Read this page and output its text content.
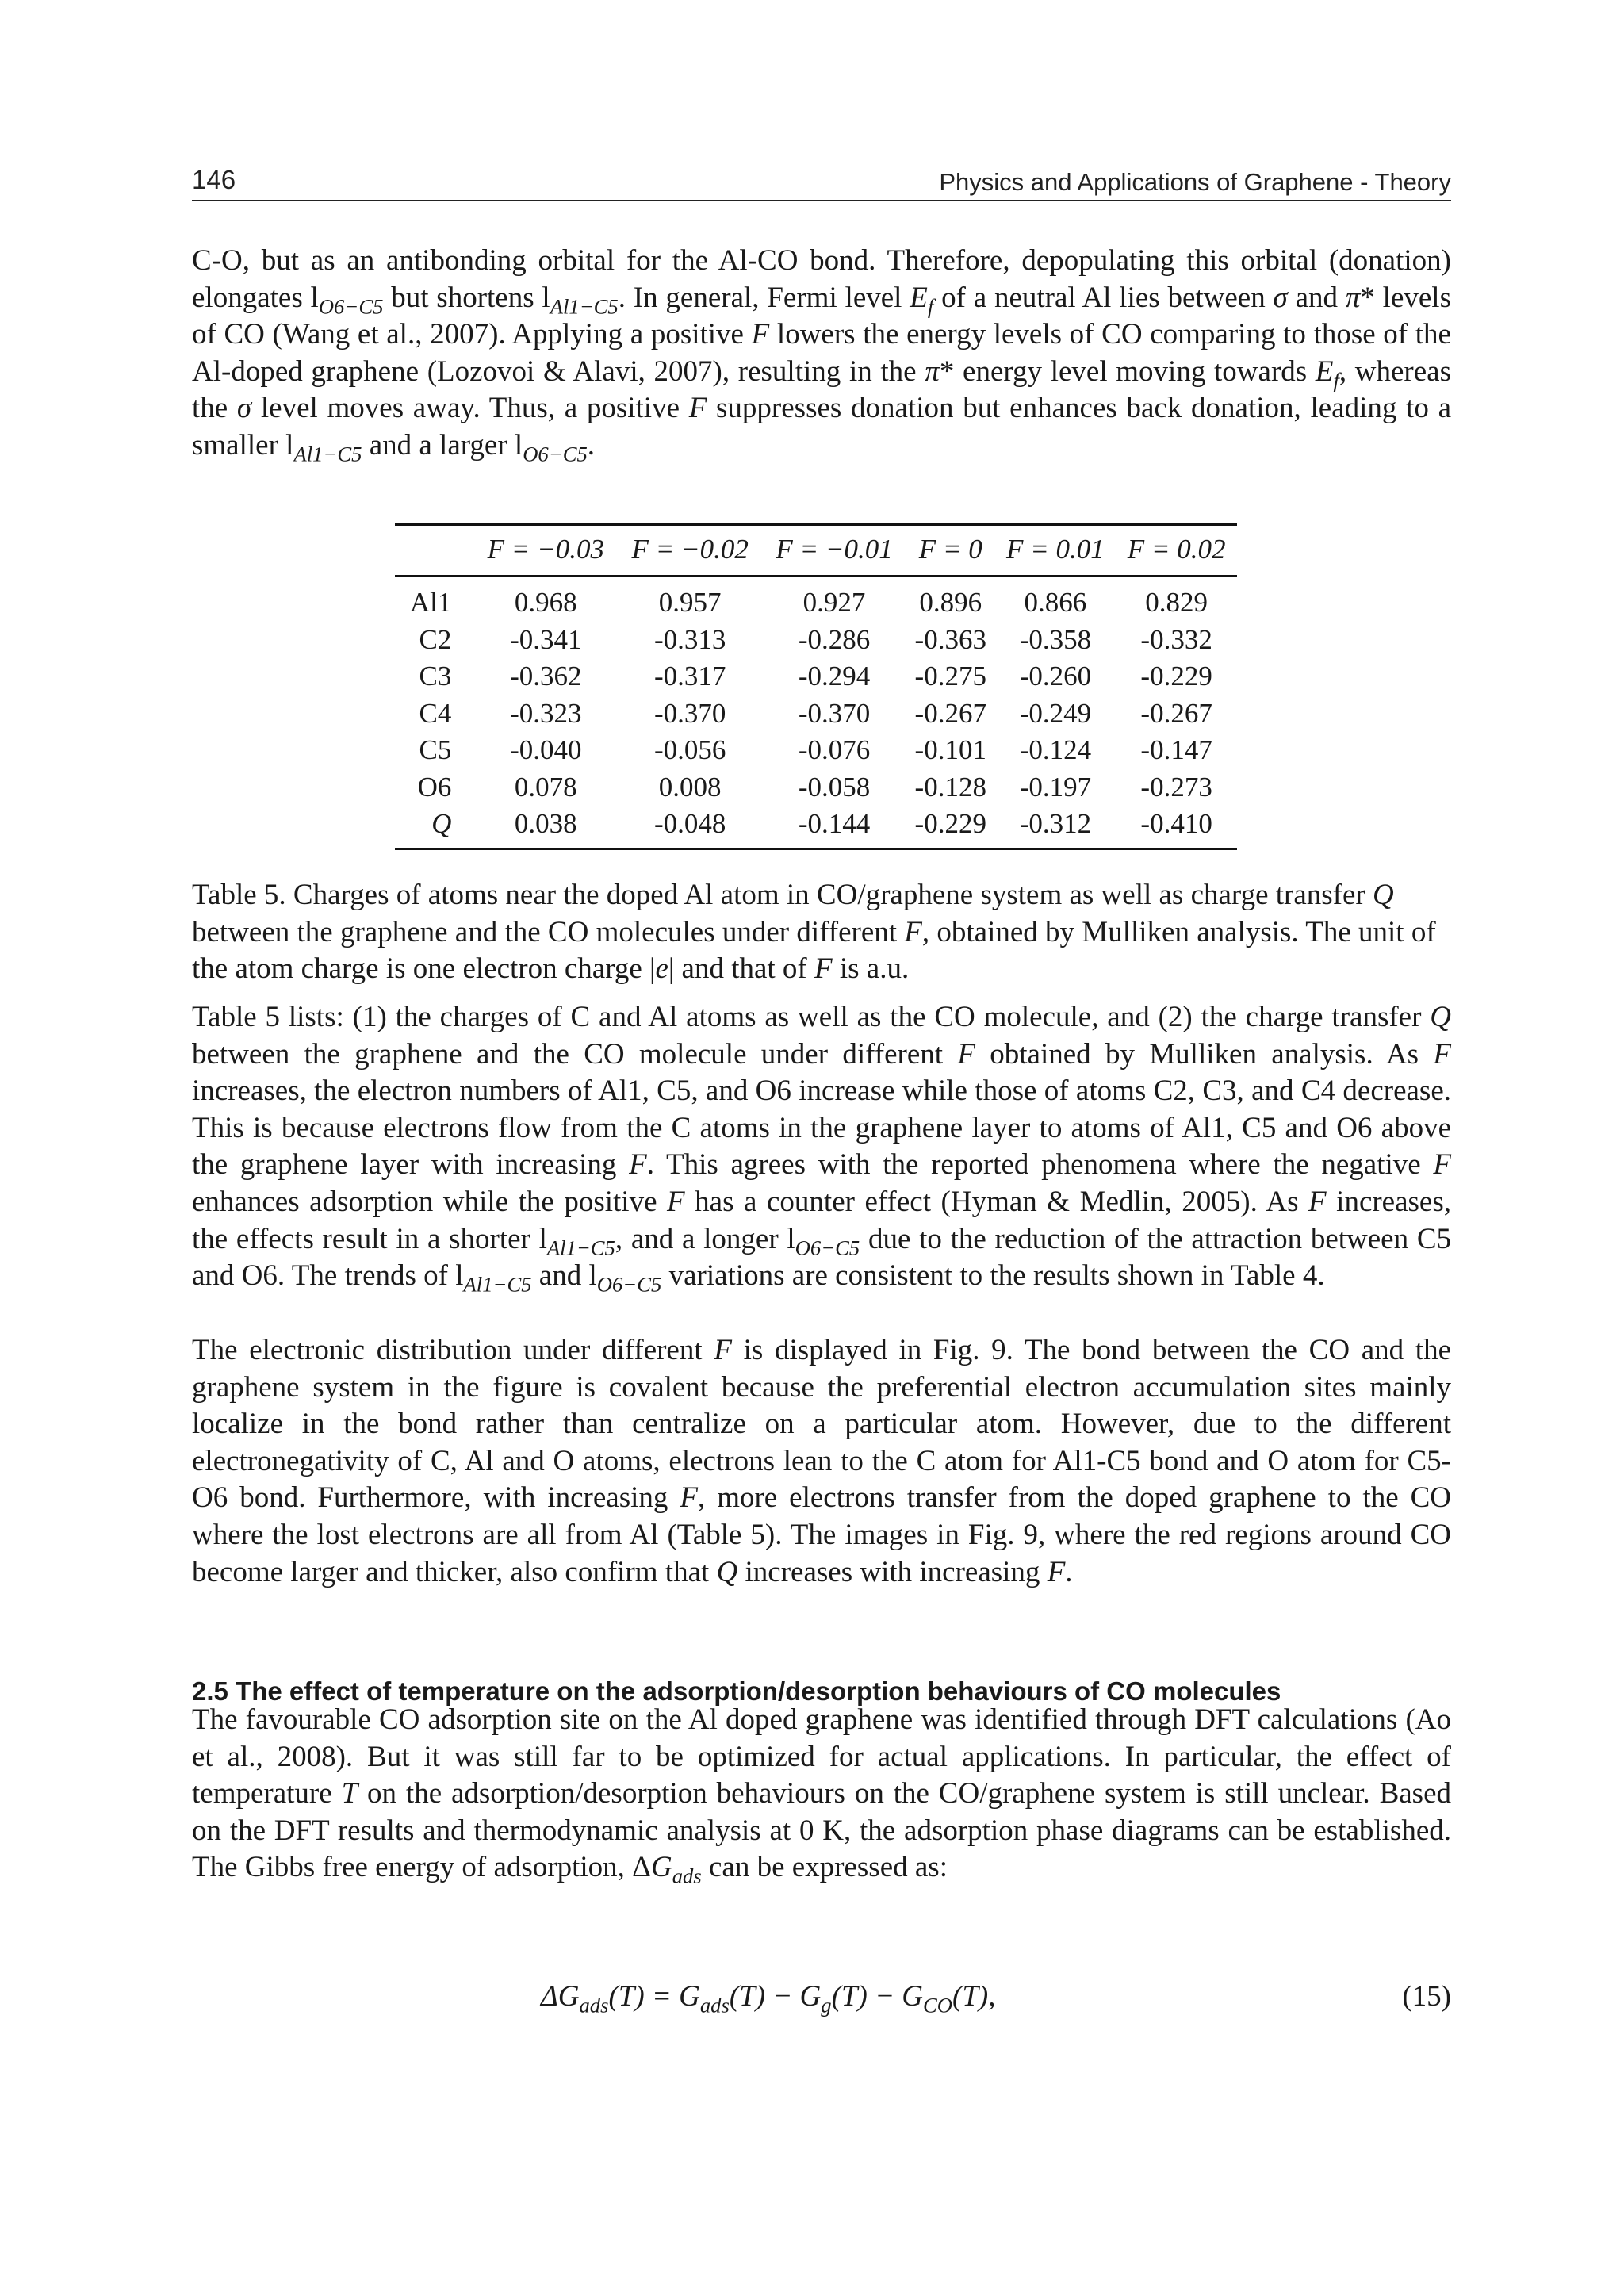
146	Physics and Applications of Graphene - Theory

C-O, but as an antibonding orbital for the Al-CO bond. Therefore, depopulating this orbital (donation) elongates $l_{O6-C5}$ but shortens $l_{Al1-C5}$. In general, Fermi level $E_f$ of a neutral Al lies between σ and π* levels of CO (Wang et al., 2007). Applying a positive F lowers the energy levels of CO comparing to those of the Al-doped graphene (Lozovoi & Alavi, 2007), resulting in the π* energy level moving towards $E_f$, whereas the σ level moves away. Thus, a positive F suppresses donation but enhances back donation, leading to a smaller $l_{Al1-C5}$ and a larger $l_{O6-C5}$.

	F = −0.03	F = −0.02	F = −0.01	F = 0	F = 0.01	F = 0.02
Al1	0.968	0.957	0.927	0.896	0.866	0.829
C2	-0.341	-0.313	-0.286	-0.363	-0.358	-0.332
C3	-0.362	-0.317	-0.294	-0.275	-0.260	-0.229
C4	-0.323	-0.370	-0.370	-0.267	-0.249	-0.267
C5	-0.040	-0.056	-0.076	-0.101	-0.124	-0.147
O6	0.078	0.008	-0.058	-0.128	-0.197	-0.273
Q	0.038	-0.048	-0.144	-0.229	-0.312	-0.410

Table 5. Charges of atoms near the doped Al atom in CO/graphene system as well as charge transfer Q between the graphene and the CO molecules under different F, obtained by Mulliken analysis. The unit of the atom charge is one electron charge |e| and that of F is a.u.

Table 5 lists: (1) the charges of C and Al atoms as well as the CO molecule, and (2) the charge transfer Q between the graphene and the CO molecule under different F obtained by Mulliken analysis. As F increases, the electron numbers of Al1, C5, and O6 increase while those of atoms C2, C3, and C4 decrease. This is because electrons flow from the C atoms in the graphene layer to atoms of Al1, C5 and O6 above the graphene layer with increasing F. This agrees with the reported phenomena where the negative F enhances adsorption while the positive F has a counter effect (Hyman & Medlin, 2005). As F increases, the effects result in a shorter $l_{Al1-C5}$, and a longer $l_{O6-C5}$ due to the reduction of the attraction between C5 and O6. The trends of $l_{Al1-C5}$ and $l_{O6-C5}$ variations are consistent to the results shown in Table 4.

The electronic distribution under different F is displayed in Fig. 9. The bond between the CO and the graphene system in the figure is covalent because the preferential electron accumulation sites mainly localize in the bond rather than centralize on a particular atom. However, due to the different electronegativity of C, Al and O atoms, electrons lean to the C atom for Al1-C5 bond and O atom for C5-O6 bond. Furthermore, with increasing F, more electrons transfer from the doped graphene to the CO where the lost electrons are all from Al (Table 5). The images in Fig. 9, where the red regions around CO become larger and thicker, also confirm that Q increases with increasing F.

2.5 The effect of temperature on the adsorption/desorption behaviours of CO molecules

The favourable CO adsorption site on the Al doped graphene was identified through DFT calculations (Ao et al., 2008). But it was still far to be optimized for actual applications. In particular, the effect of temperature T on the adsorption/desorption behaviours on the CO/graphene system is still unclear. Based on the DFT results and thermodynamic analysis at 0 K, the adsorption phase diagrams can be established. The Gibbs free energy of adsorption, $\Delta G_{ads}$ can be expressed as:

$\Delta G_{ads}(T) = G_{ads}(T) - G_g(T) - G_{CO}(T)$,	(15)
